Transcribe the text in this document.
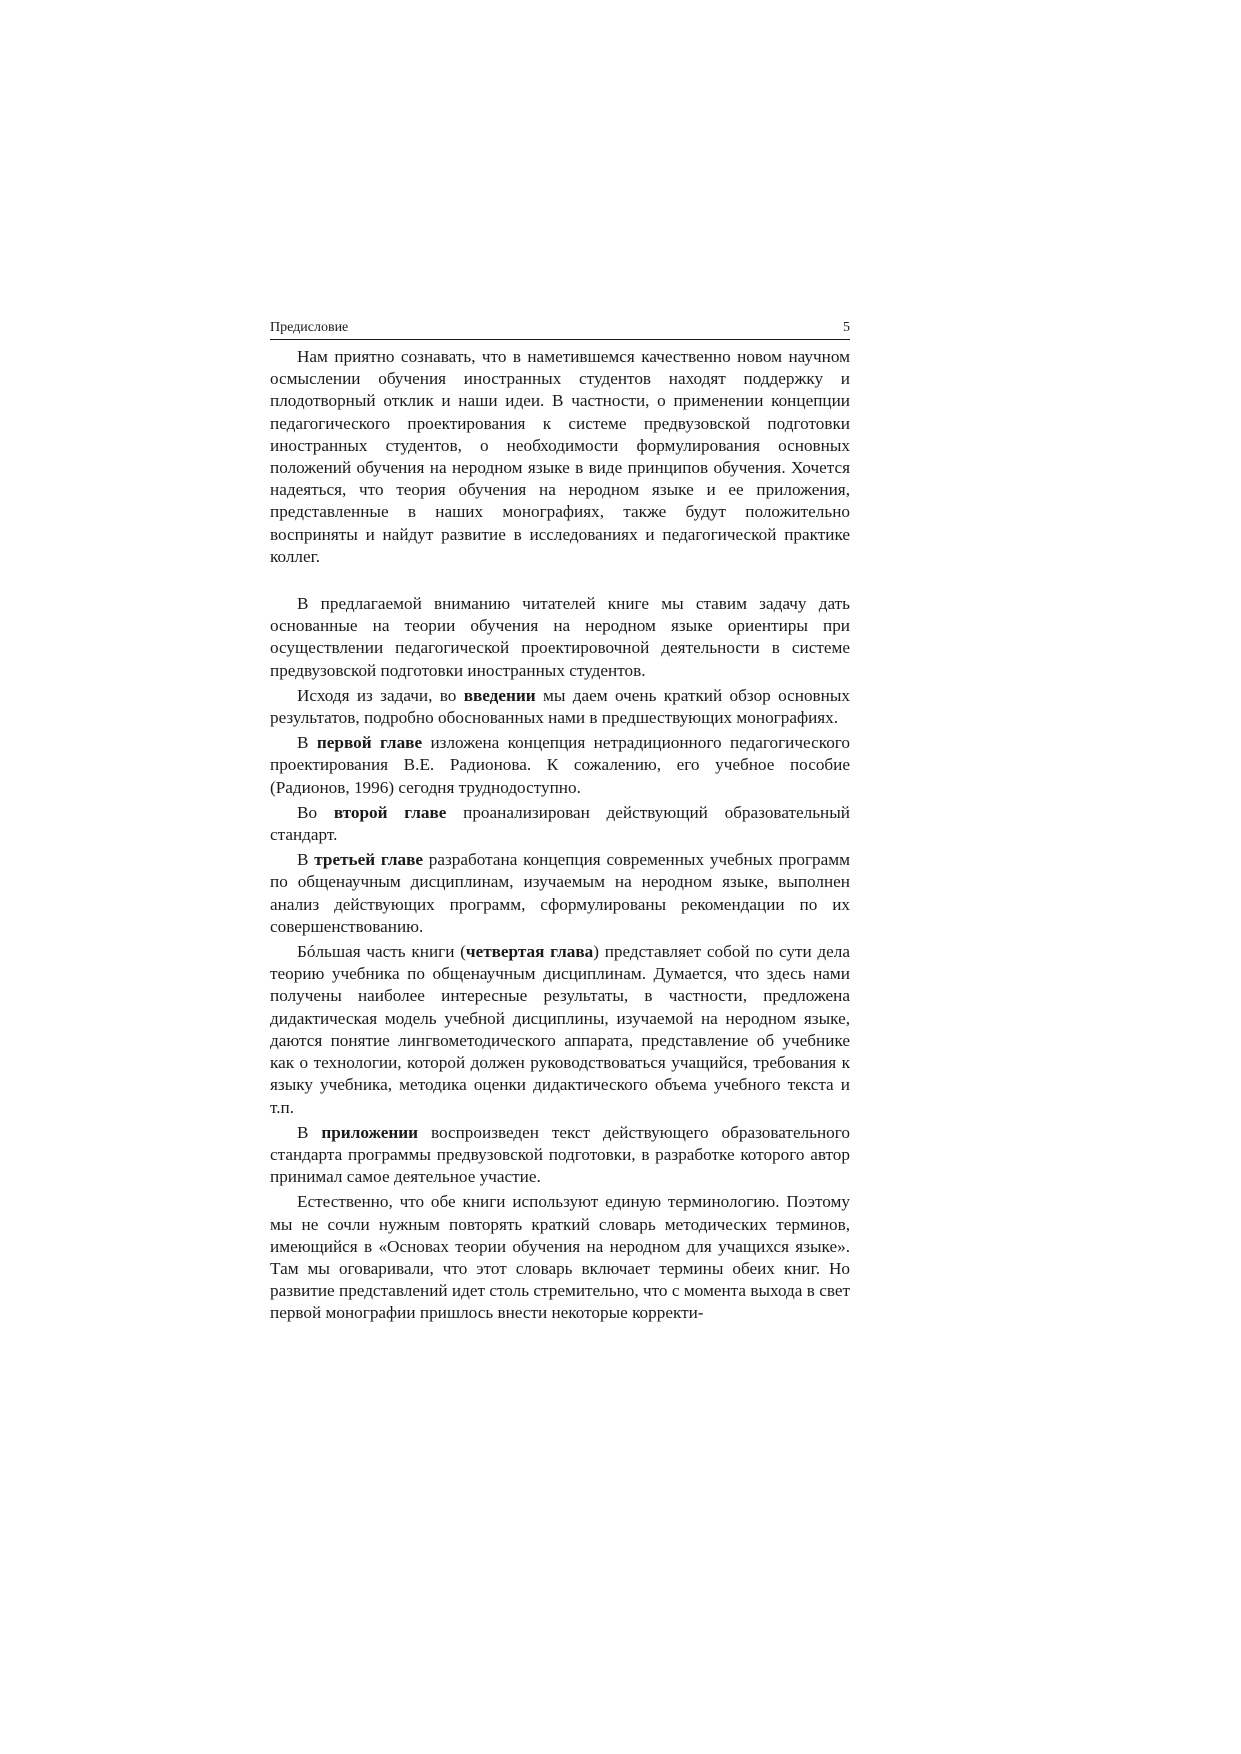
Предисловие	5

Нам приятно сознавать, что в наметившемся качественно новом научном осмыслении обучения иностранных студентов находят поддержку и плодотворный отклик и наши идеи. В частности, о применении концепции педагогического проектирования к системе предвузовской подготовки иностранных студентов, о необходимости формулирования основных положений обучения на неродном языке в виде принципов обучения. Хочется надеяться, что теория обучения на неродном языке и ее приложения, представленные в наших монографиях, также будут положительно восприняты и найдут развитие в исследованиях и педагогической практике коллег.

В предлагаемой вниманию читателей книге мы ставим задачу дать основанные на теории обучения на неродном языке ориентиры при осуществлении педагогической проектировочной деятельности в системе предвузовской подготовки иностранных студентов.

Исходя из задачи, во введении мы даем очень краткий обзор основных результатов, подробно обоснованных нами в предшествующих монографиях.

В первой главе изложена концепция нетрадиционного педагогического проектирования В.Е. Радионова. К сожалению, его учебное пособие (Радионов, 1996) сегодня труднодоступно.

Во второй главе проанализирован действующий образовательный стандарт.

В третьей главе разработана концепция современных учебных программ по общенаучным дисциплинам, изучаемым на неродном языке, выполнен анализ действующих программ, сформулированы рекомендации по их совершенствованию.

Бóльшая часть книги (четвертая глава) представляет собой по сути дела теорию учебника по общенаучным дисциплинам. Думается, что здесь нами получены наиболее интересные результаты, в частности, предложена дидактическая модель учебной дисциплины, изучаемой на неродном языке, даются понятие лингвометодического аппарата, представление об учебнике как о технологии, которой должен руководствоваться учащийся, требования к языку учебника, методика оценки дидактического объема учебного текста и т.п.

В приложении воспроизведен текст действующего образовательного стандарта программы предвузовской подготовки, в разработке которого автор принимал самое деятельное участие.

Естественно, что обе книги используют единую терминологию. Поэтому мы не сочли нужным повторять краткий словарь методических терминов, имеющийся в «Основах теории обучения на неродном для учащихся языке». Там мы оговаривали, что этот словарь включает термины обеих книг. Но развитие представлений идет столь стремительно, что с момента выхода в свет первой монографии пришлось внести некоторые корректи-
